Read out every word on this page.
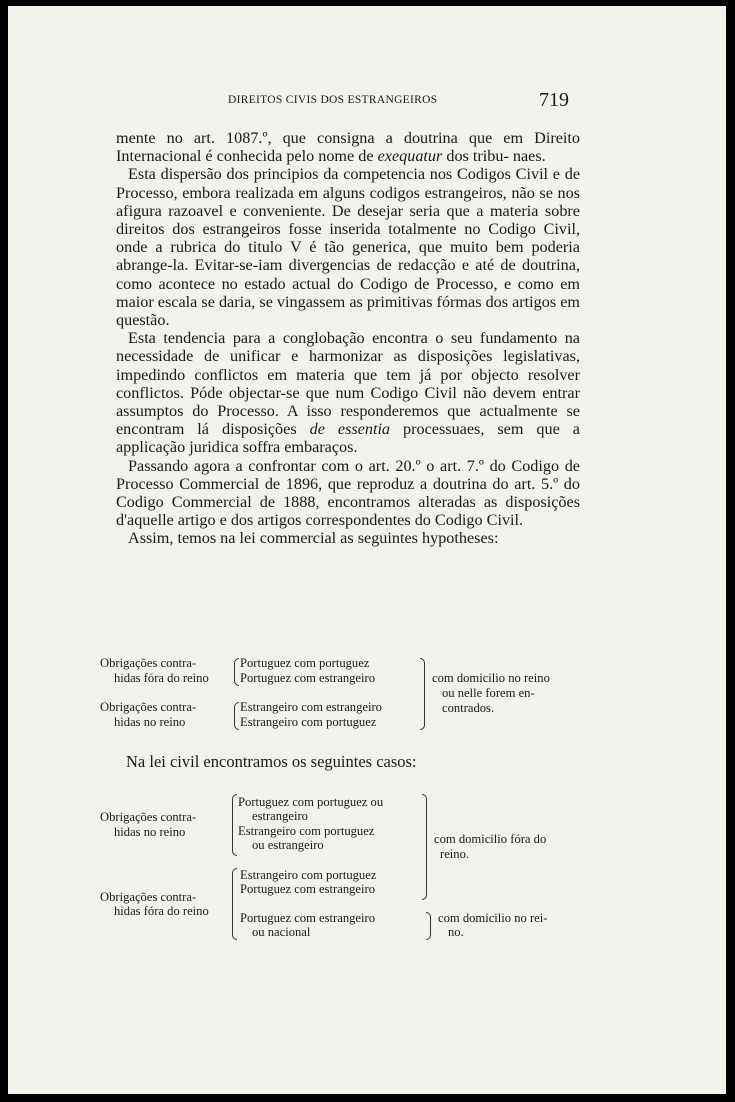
DIREITOS CIVIS DOS ESTRANGEIROS	719

mente no art. 1087.º, que consigna a doutrina que em Direito Internacional é conhecida pelo nome de exequatur dos tribu- naes.

Esta dispersão dos principios da competencia nos Codigos Civil e de Processo, embora realizada em alguns codigos estrangeiros, não se nos afigura razoavel e conveniente. De desejar seria que a materia sobre direitos dos estrangeiros fosse inserida totalmente no Codigo Civil, onde a rubrica do titulo V é tão generica, que muito bem poderia abrange-la. Evitar-se-iam divergencias de redacção e até de doutrina, como acontece no estado actual do Codigo de Processo, e como em maior escala se daria, se vingassem as primitivas fórmas dos artigos em questão.

Esta tendencia para a conglobação encontra o seu fundamento na necessidade de unificar e harmonizar as disposições legislativas, impedindo conflictos em materia que tem já por objecto resolver conflictos. Póde objectar-se que num Codigo Civil não devem entrar assumptos do Processo. A isso responderemos que actualmente se encontram lá disposições de essentia processuaes, sem que a applicação juridica soffra embaraços.

Passando agora a confrontar com o art. 20.º o art. 7.º do Codigo de Processo Commercial de 1896, que reproduz a doutrina do art. 5.º do Codigo Commercial de 1888, encontramos alteradas as disposições d'aquelle artigo e dos artigos correspondentes do Codigo Civil.

Assim, temos na lei commercial as seguintes hypotheses:

Obrigações contra-
hidas fóra do reino
Portuguez com portuguez
Portuguez com estrangeiro
Obrigações contra-
hidas no reino
Estrangeiro com estrangeiro
Estrangeiro com portuguez
com domicilio no reino
ou nelle forem en-
contrados.
Na lei civil encontramos os seguintes casos:
Obrigações contra-
hidas no reino
Portuguez com portuguez ou
estrangeiro
Estrangeiro com portuguez
ou estrangeiro	com domicilio fóra do
reino.
Obrigações contra-
hidas fóra do reino
Estrangeiro com portuguez
Portuguez com estrangeiro
Portuguez com estrangeiro
ou nacional
com domicilio no rei-
no.
